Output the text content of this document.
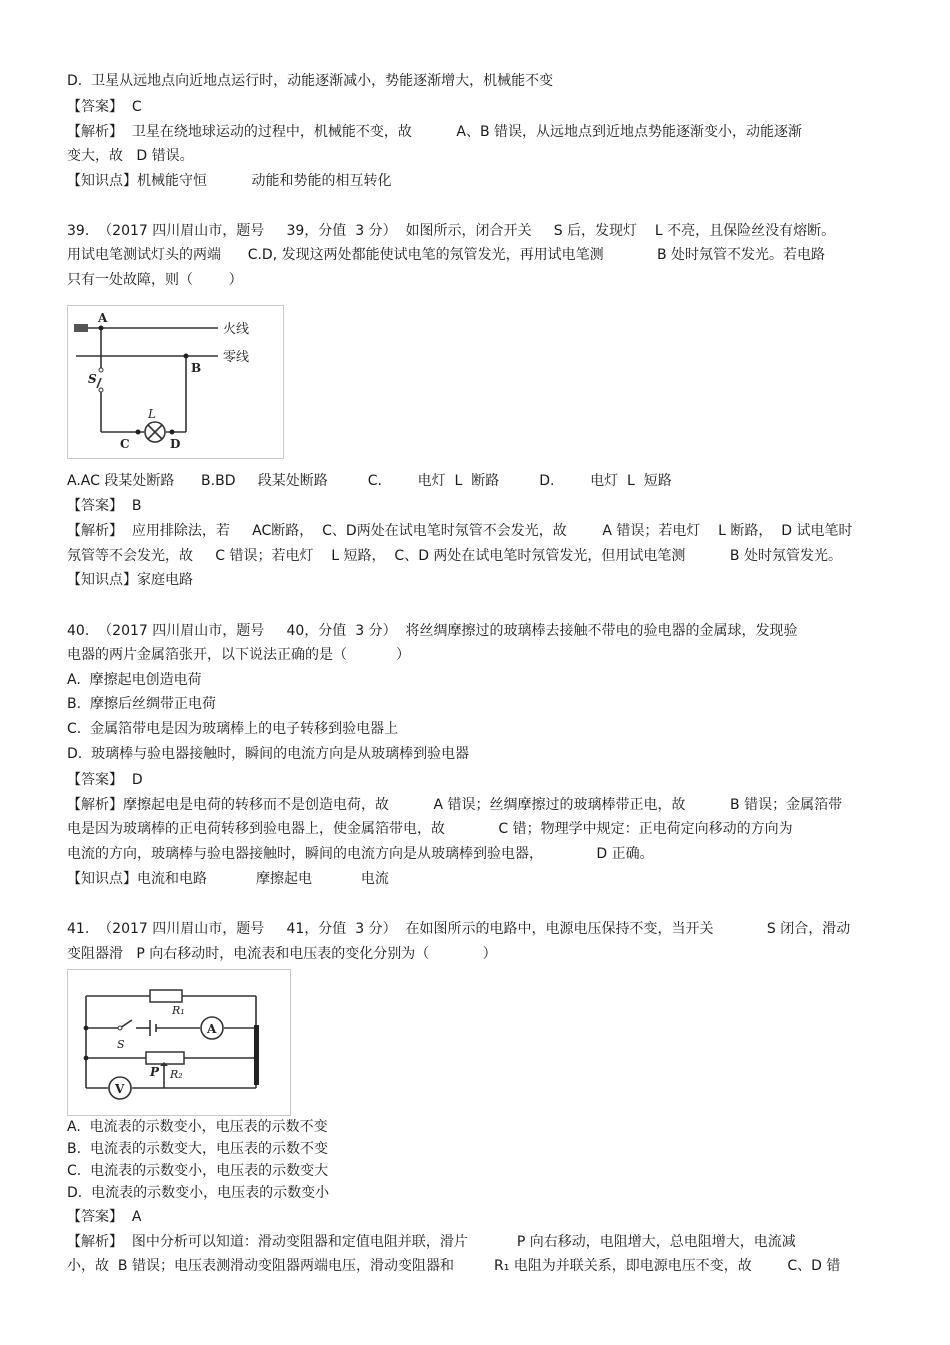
D.  卫星从远地点向近地点运行时，动能逐渐减小，势能逐渐增大，机械能不变
【答案】  C
【解析】  卫星在绕地球运动的过程中，机械能不变，故          A、B 错误，从远地点到近地点势能逐渐变小，动能逐渐
变大，故   D 错误。
【知识点】机械能守恒          动能和势能的相互转化
39.  （2017 四川眉山市，题号     39，分值  3 分）  如图所示，闭合开关     S 后，发现灯    L 不亮，且保险丝没有熔断。
用试电笔测试灯头的两端      C.D, 发现这两处都能使试电笔的氖管发光，再用试电笔测            B 处时氖管不发光。若电路
只有一处故障，则（        ）
A
火线
零线
B
S
L
C	D
A.AC 段某处断路      B.BD     段某处断路         C.        电灯  L  断路         D.        电灯  L  短路
【答案】  B
【解析】  应用排除法，若     AC断路，  C、D两处在试电笔时氖管不会发光，故        A 错误；若电灯    L 断路，  D 试电笔时
氖管等不会发光，故     C 错误；若电灯    L 短路，  C、D 两处在试电笔时氖管发光，但用试电笔测          B 处时氖管发光。
【知识点】家庭电路
40.  （2017 四川眉山市，题号     40，分值  3 分）  将丝绸摩擦过的玻璃棒去接触不带电的验电器的金属球，发现验
电器的两片金属箔张开，以下说法正确的是（           ）
A.  摩擦起电创造电荷
B.  摩擦后丝绸带正电荷
C.  金属箔带电是因为玻璃棒上的电子转移到验电器上
D.  玻璃棒与验电器接触时，瞬间的电流方向是从玻璃棒到验电器
【答案】  D
【解析】摩擦起电是电荷的转移而不是创造电荷，故          A 错误；丝绸摩擦过的玻璃棒带正电，故          B 错误；金属箔带
电是因为玻璃棒的正电荷转移到验电器上，使金属箔带电，故            C 错；物理学中规定：正电荷定向移动的方向为
电流的方向，玻璃棒与验电器接触时，瞬间的电流方向是从玻璃棒到验电器，            D 正确。
【知识点】电流和电路           摩擦起电           电流
41.  （2017 四川眉山市，题号     41，分值  3 分）  在如图所示的电路中，电源电压保持不变，当开关            S 闭合，滑动
变阻器滑   P 向右移动时，电流表和电压表的变化分别为（            ）
R₁
A
S
P R₂
V
A.  电流表的示数变小，电压表的示数不变
B.  电流表的示数变大，电压表的示数不变
C.  电流表的示数变小，电压表的示数变大
D.  电流表的示数变小，电压表的示数变小
【答案】  A
【解析】  图中分析可以知道：滑动变阻器和定值电阻并联，滑片           P 向右移动，电阻增大，总电阻增大，电流减
小，故  B 错误；电压表测滑动变阻器两端电压，滑动变阻器和         R₁ 电阻为并联关系，即电源电压不变，故        C、D 错
